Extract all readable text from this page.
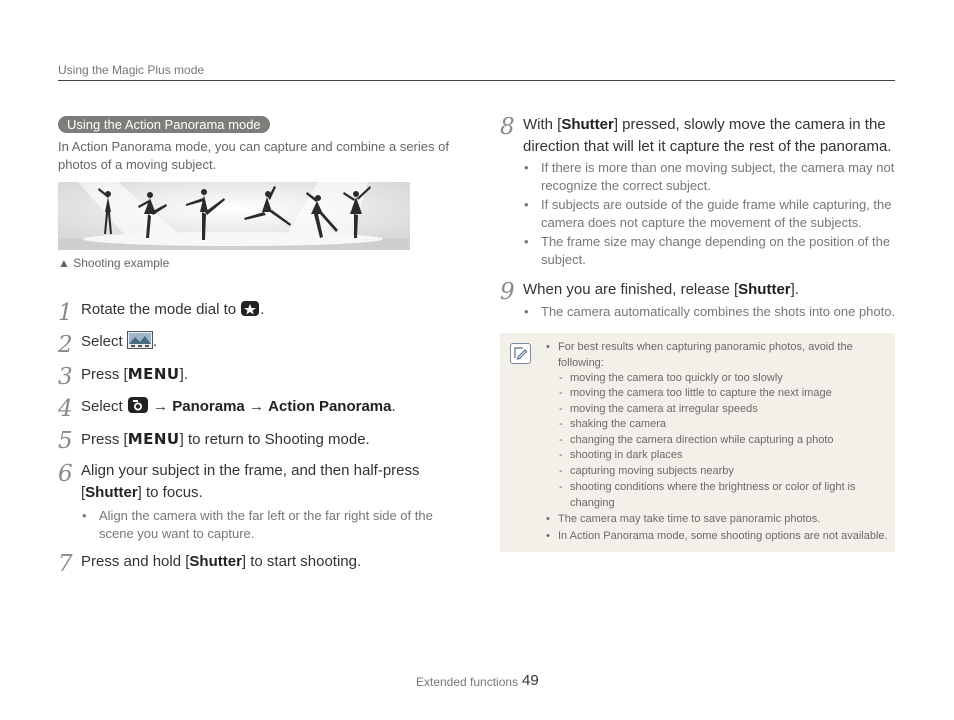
Using the Magic Plus mode
Using the Action Panorama mode
In Action Panorama mode, you can capture and combine a series of photos of a moving subject.
▲ Shooting example
1 Rotate the mode dial to .
2 Select .
3 Press [MENU].
4 Select → Panorama → Action Panorama.
5 Press [MENU] to return to Shooting mode.
6 Align your subject in the frame, and then half-press
[Shutter] to focus.
• Align the camera with the far left or the far right side of the scene you want to capture.
7 Press and hold [Shutter] to start shooting.
8 With [Shutter] pressed, slowly move the camera in the direction that will let it capture the rest of the panorama.
• If there is more than one moving subject, the camera may not recognize the correct subject.
• If subjects are outside of the guide frame while capturing, the camera does not capture the movement of the subjects.
• The frame size may change depending on the position of the subject.
9 When you are finished, release [Shutter].
• The camera automatically combines the shots into one photo.
• For best results when capturing panoramic photos, avoid the following:
- moving the camera too quickly or too slowly
- moving the camera too little to capture the next image
- moving the camera at irregular speeds
- shaking the camera
- changing the camera direction while capturing a photo
- shooting in dark places
- capturing moving subjects nearby
- shooting conditions where the brightness or color of light is changing
• The camera may take time to save panoramic photos.
• In Action Panorama mode, some shooting options are not available.
Extended functions 49
